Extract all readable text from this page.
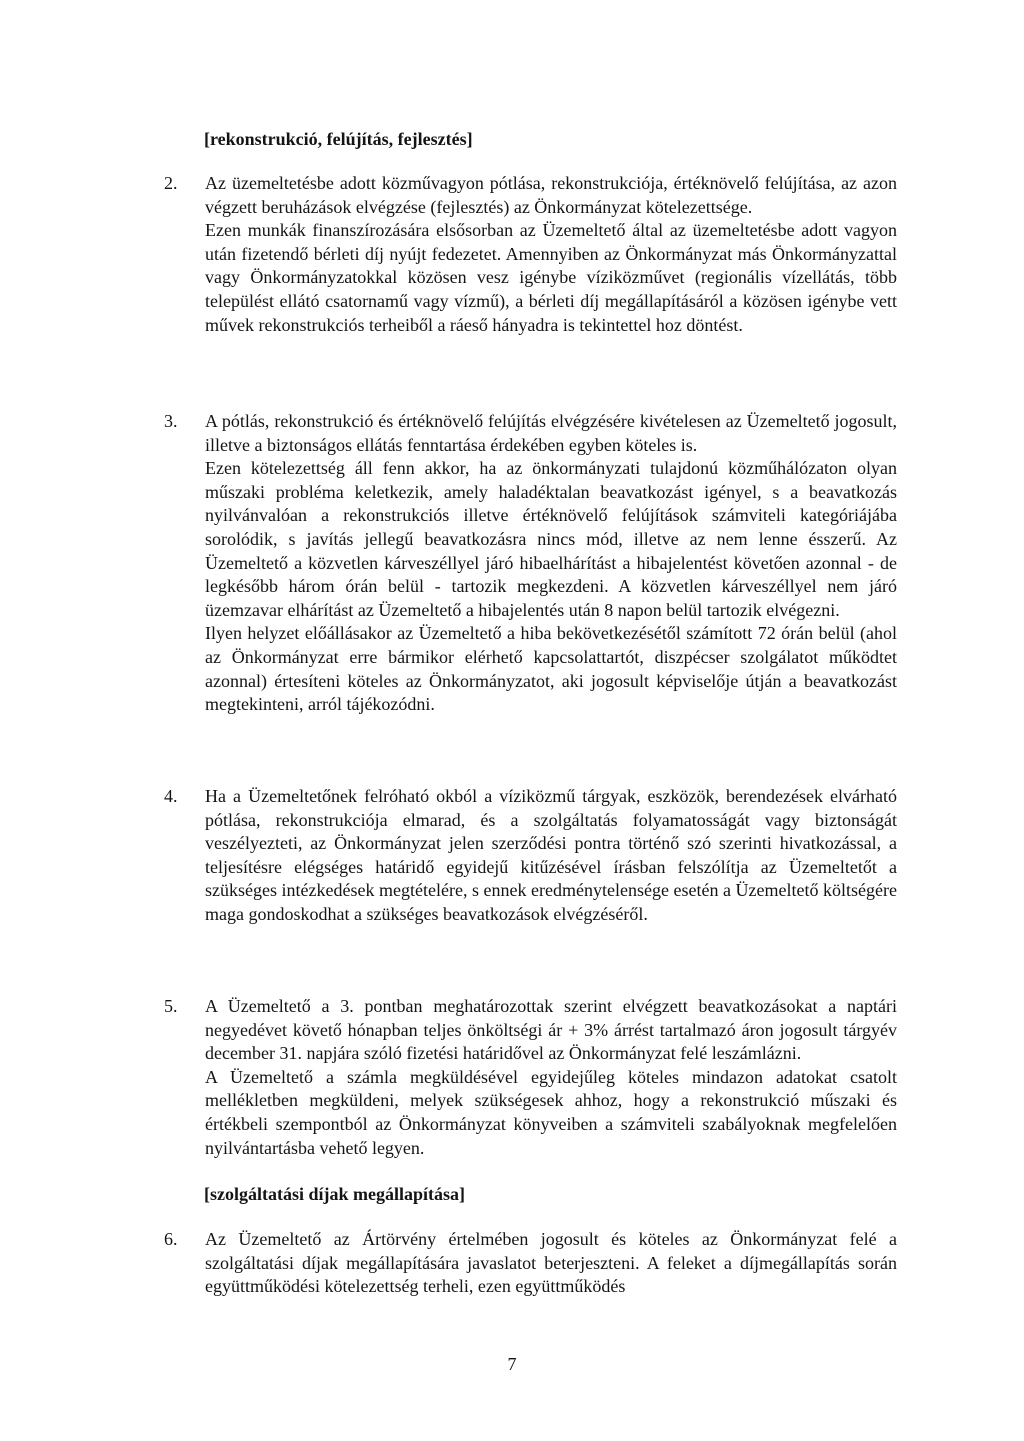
[rekonstrukció, felújítás, fejlesztés]
2.	Az üzemeltetésbe adott közművagyon pótlása, rekonstrukciója, értéknövelő felújítása, az azon végzett beruházások elvégzése (fejlesztés) az Önkormányzat kötelezettsége.

Ezen munkák finanszírozására elsősorban az Üzemeltető által az üzemeltetésbe adott vagyon után fizetendő bérleti díj nyújt fedezetet. Amennyiben az Önkormányzat más Önkormányzattal vagy Önkormányzatokkal közösen vesz igénybe víziközművet (regionális vízellátás, több települést ellátó csatornamű vagy vízmű), a bérleti díj megállapításáról a közösen igénybe vett művek rekonstrukciós terheiből a ráeső hányadra is tekintettel hoz döntést.

3.	A pótlás, rekonstrukció és értéknövelő felújítás elvégzésére kivételesen az Üzemeltető jogosult, illetve a biztonságos ellátás fenntartása érdekében egyben köteles is.

Ezen kötelezettség áll fenn akkor, ha az önkormányzati tulajdonú közműhálózaton olyan műszaki probléma keletkezik, amely haladéktalan beavatkozást igényel, s a beavatkozás nyilvánvalóan a rekonstrukciós illetve értéknövelő felújítások számviteli kategóriájába sorolódik, s javítás jellegű beavatkozásra nincs mód, illetve az nem lenne ésszerű. Az Üzemeltető a közvetlen kárveszéllyel járó hibaelhárítást a hibajelentést követően azonnal - de legkésőbb három órán belül - tartozik megkezdeni. A közvetlen kárveszéllyel nem járó üzemzavar elhárítást az Üzemeltető a hibajelentés után 8 napon belül tartozik elvégezni.

Ilyen helyzet előállásakor az Üzemeltető a hiba bekövetkezésétől számított 72 órán belül (ahol az Önkormányzat erre bármikor elérhető kapcsolattartót, diszpécser szolgálatot működtet azonnal) értesíteni köteles az Önkormányzatot, aki jogosult képviselője útján a beavatkozást megtekinteni, arról tájékozódni.

4.	Ha a Üzemeltetőnek felróható okból a víziközmű tárgyak, eszközök, berendezések elvárható pótlása, rekonstrukciója elmarad, és a szolgáltatás folyamatosságát vagy biztonságát veszélyezteti, az Önkormányzat jelen szerződési pontra történő szó szerinti hivatkozással, a teljesítésre elégséges határidő egyidejű kitűzésével írásban felszólítja az Üzemeltetőt a szükséges intézkedések megtételére, s ennek eredménytelensége esetén a Üzemeltető költségére maga gondoskodhat a szükséges beavatkozások elvégzéséről.

5.	A Üzemeltető a 3. pontban meghatározottak szerint elvégzett beavatkozásokat a naptári negyedévet követő hónapban teljes önköltségi ár + 3% árrést tartalmazó áron jogosult tárgyév december 31. napjára szóló fizetési határidővel az Önkormányzat felé leszámlázni.

A Üzemeltető a számla megküldésével egyidejűleg köteles mindazon adatokat csatolt mellékletben megküldeni, melyek szükségesek ahhoz, hogy a rekonstrukció műszaki és értékbeli szempontból az Önkormányzat könyveiben a számviteli szabályoknak megfelelően nyilvántartásba vehető legyen.

[szolgáltatási díjak megállapítása]
6.	Az Üzemeltető az Ártörvény értelmében jogosult és köteles az Önkormányzat felé a szolgáltatási díjak megállapítására javaslatot beterjeszteni. A feleket a díjmegállapítás során együttműködési kötelezettség terheli, ezen együttműködés

7
